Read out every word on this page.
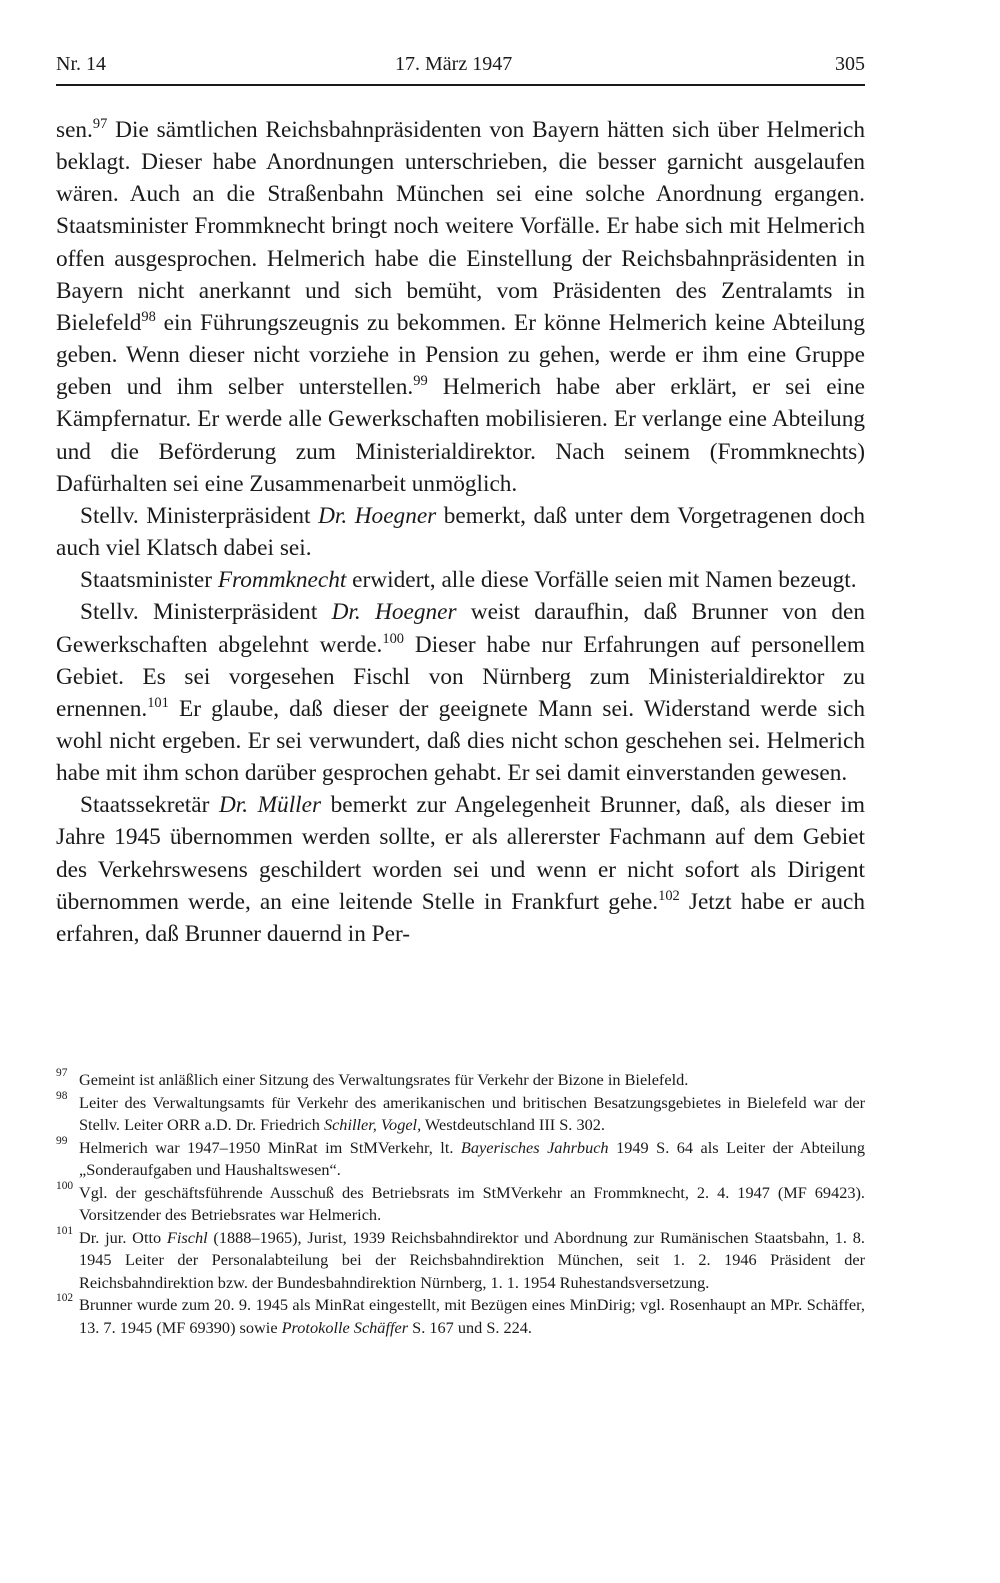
Nr. 14	17. März 1947	305

sen.$^{97}$ Die sämtlichen Reichsbahnpräsidenten von Bayern hätten sich über Helmerich beklagt. Dieser habe Anordnungen unterschrieben, die besser garnicht ausgelaufen wären. Auch an die Straßenbahn München sei eine solche Anordnung ergangen. Staatsminister Frommknecht bringt noch weitere Vorfälle. Er habe sich mit Helmerich offen ausgesprochen. Helmerich habe die Einstellung der Reichsbahnpräsidenten in Bayern nicht anerkannt und sich bemüht, vom Präsidenten des Zentralamts in Bielefeld$^{98}$ ein Führungszeugnis zu bekommen. Er könne Helmerich keine Abteilung geben. Wenn dieser nicht vorziehe in Pension zu gehen, werde er ihm eine Gruppe geben und ihm selber unterstellen.$^{99}$ Helmerich habe aber erklärt, er sei eine Kämpfernatur. Er werde alle Gewerkschaften mobilisieren. Er verlange eine Abteilung und die Beförderung zum Ministerialdirektor. Nach seinem (Frommknechts) Dafürhalten sei eine Zusammenarbeit unmöglich.

Stellv. Ministerpräsident Dr. Hoegner bemerkt, daß unter dem Vorgetragenen doch auch viel Klatsch dabei sei.

Staatsminister Frommknecht erwidert, alle diese Vorfälle seien mit Namen bezeugt.

Stellv. Ministerpräsident Dr. Hoegner weist daraufhin, daß Brunner von den Gewerkschaften abgelehnt werde.$^{100}$ Dieser habe nur Erfahrungen auf personellem Gebiet. Es sei vorgesehen Fischl von Nürnberg zum Ministerialdirektor zu ernennen.$^{101}$ Er glaube, daß dieser der geeignete Mann sei. Widerstand werde sich wohl nicht ergeben. Er sei verwundert, daß dies nicht schon geschehen sei. Helmerich habe mit ihm schon darüber gesprochen gehabt. Er sei damit einverstanden gewesen.

Staatssekretär Dr. Müller bemerkt zur Angelegenheit Brunner, daß, als dieser im Jahre 1945 übernommen werden sollte, er als allererster Fachmann auf dem Gebiet des Verkehrswesens geschildert worden sei und wenn er nicht sofort als Dirigent übernommen werde, an eine leitende Stelle in Frankfurt gehe.$^{102}$ Jetzt habe er auch erfahren, daß Brunner dauernd in Per-

97 Gemeint ist anläßlich einer Sitzung des Verwaltungsrates für Verkehr der Bizone in Bielefeld.

98 Leiter des Verwaltungsamts für Verkehr des amerikanischen und britischen Besatzungsgebietes in Bielefeld war der Stellv. Leiter ORR a.D. Dr. Friedrich Schiller, Vogel, Westdeutschland III S. 302.

99 Helmerich war 1947–1950 MinRat im StMVerkehr, lt. Bayerisches Jahrbuch 1949 S. 64 als Leiter der Abteilung „Sonderaufgaben und Haushaltswesen“.

100 Vgl. der geschäftsführende Ausschuß des Betriebsrats im StMVerkehr an Frommknecht, 2. 4. 1947 (MF 69423). Vorsitzender des Betriebsrates war Helmerich.

101 Dr. jur. Otto Fischl (1888–1965), Jurist, 1939 Reichsbahndirektor und Abordnung zur Rumänischen Staatsbahn, 1. 8. 1945 Leiter der Personalabteilung bei der Reichsbahndirektion München, seit 1. 2. 1946 Präsident der Reichsbahndirektion bzw. der Bundesbahndirektion Nürnberg, 1. 1. 1954 Ruhestandsversetzung.

102 Brunner wurde zum 20. 9. 1945 als MinRat eingestellt, mit Bezügen eines MinDirig; vgl. Rosenhaupt an MPr. Schäffer, 13. 7. 1945 (MF 69390) sowie Protokolle Schäffer S. 167 und S. 224.
